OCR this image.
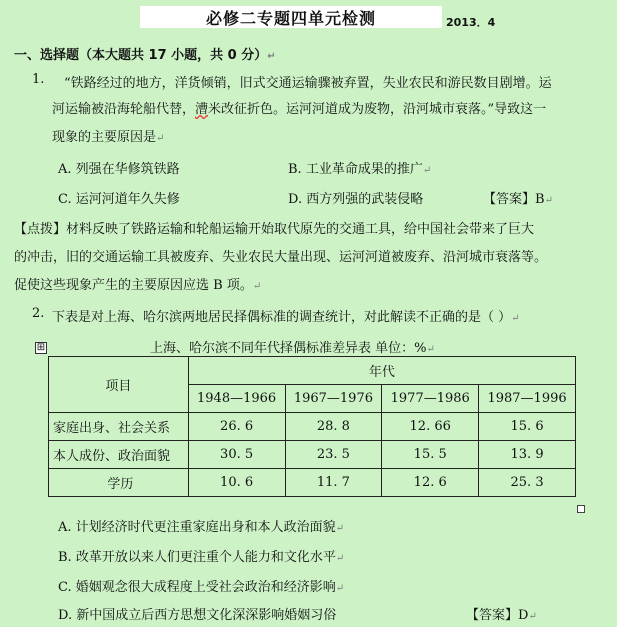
必修二专题四单元检测	2013．4
一、选择题（本大题共 17 小题，共 0 分）↵
1. “铁路经过的地方，洋货倾销，旧式交通运输骤被弃置，失业农民和游民数目剧增。运
河运输被沿海轮船代替，漕米改征折色。运河河道成为废物，沿河城市衰落。”导致这一
现象的主要原因是↵
A. 列强在华修筑铁路	B. 工业革命成果的推广↵
C. 运河河道年久失修	D. 西方列强的武装侵略	【答案】B↵
【点拨】材料反映了铁路运输和轮船运输开始取代原先的交通工具，给中国社会带来了巨大
的冲击，旧的交通运输工具被废弃、失业农民大量出现、运河河道被废弃、沿河城市衰落等。
促使这些现象产生的主要原因应选 B 项。↵
2. 下表是对上海、哈尔滨两地居民择偶标准的调查统计，对此解读不正确的是（ ）↵
⊞	上海、哈尔滨不同年代择偶标准差异表 单位：%↵
项目	年代			
	1948—1966	1967—1976	1977—1986	1987—1996
家庭出身、社会关系	26. 6	28. 8	12. 66	15. 6
本人成份、政治面貌	30. 5	23. 5	15. 5	13. 9
学历	10. 6	11. 7	12. 6	25. 3
A. 计划经济时代更注重家庭出身和本人政治面貌↵
B. 改革开放以来人们更注重个人能力和文化水平↵
C. 婚姻观念很大成程度上受社会政治和经济影响↵
D. 新中国成立后西方思想文化深深影响婚姻习俗	【答案】D↵
